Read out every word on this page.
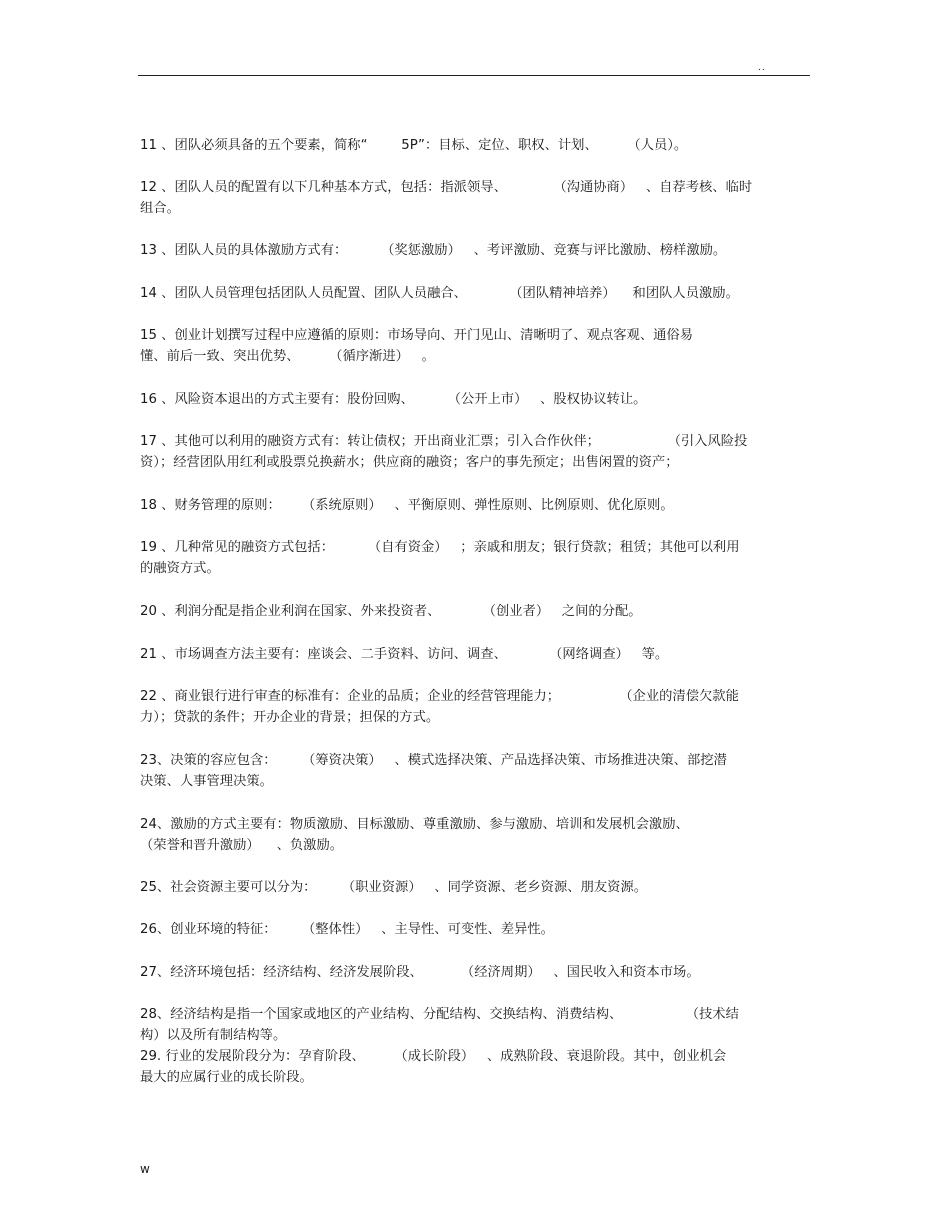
..
11 、团队必须具备的五个要素，简称“        5P”：目标、定位、职权、计划、       （人员）。
12 、团队人员的配置有以下几种基本方式，包括：指派领导、           （沟通协商）   、自荐考核、临时
组合。
13 、团队人员的具体激励方式有：        （奖惩激励）   、考评激励、竞赛与评比激励、榜样激励。
14 、团队人员管理包括团队人员配置、团队人员融合、          （团队精神培养）    和团队人员激励。
15 、创业计划撰写过程中应遵循的原则：市场导向、开门见山、清晰明了、观点客观、通俗易
懂、前后一致、突出优势、       （循序渐进）   。
16 、风险资本退出的方式主要有：股份回购、        （公开上市）   、股权协议转让。
17 、其他可以利用的融资方式有：转让债权；开出商业汇票；引入合作伙伴；                （引入风险投
资）；经营团队用红利或股票兑换薪水；供应商的融资；客户的事先预定；出售闲置的资产；
18 、财务管理的原则：     （系统原则）   、平衡原则、弹性原则、比例原则、优化原则。
19 、几种常见的融资方式包括：        （自有资金）   ；亲戚和朋友；银行贷款；租赁；其他可以利用
的融资方式。
20 、利润分配是指企业利润在国家、外来投资者、          （创业者）   之间的分配。
21 、市场调查方法主要有：座谈会、二手资料、访问、调查、          （网络调查）   等。
22 、商业银行进行审查的标准有：企业的品质；企业的经营管理能力；              （企业的清偿欠款能
力）；贷款的条件；开办企业的背景；担保的方式。
23、决策的容应包含：      （筹资决策）   、模式选择决策、产品选择决策、市场推进决策、部挖潜
决策、人事管理决策。
24、激励的方式主要有：物质激励、目标激励、尊重激励、参与激励、培训和发展机会激励、
（荣誉和晋升激励）    、负激励。
25、社会资源主要可以分为：      （职业资源）   、同学资源、老乡资源、朋友资源。
26、创业环境的特征：      （整体性）   、主导性、可变性、差异性。
27、经济环境包括：经济结构、经济发展阶段、         （经济周期）   、国民收入和资本市场。
28、经济结构是指一个国家或地区的产业结构、分配结构、交换结构、消费结构、               （技术结
构）以及所有制结构等。
29. 行业的发展阶段分为：孕育阶段、       （成长阶段）   、成熟阶段、衰退阶段。其中，创业机会
最大的应属行业的成长阶段。
w
